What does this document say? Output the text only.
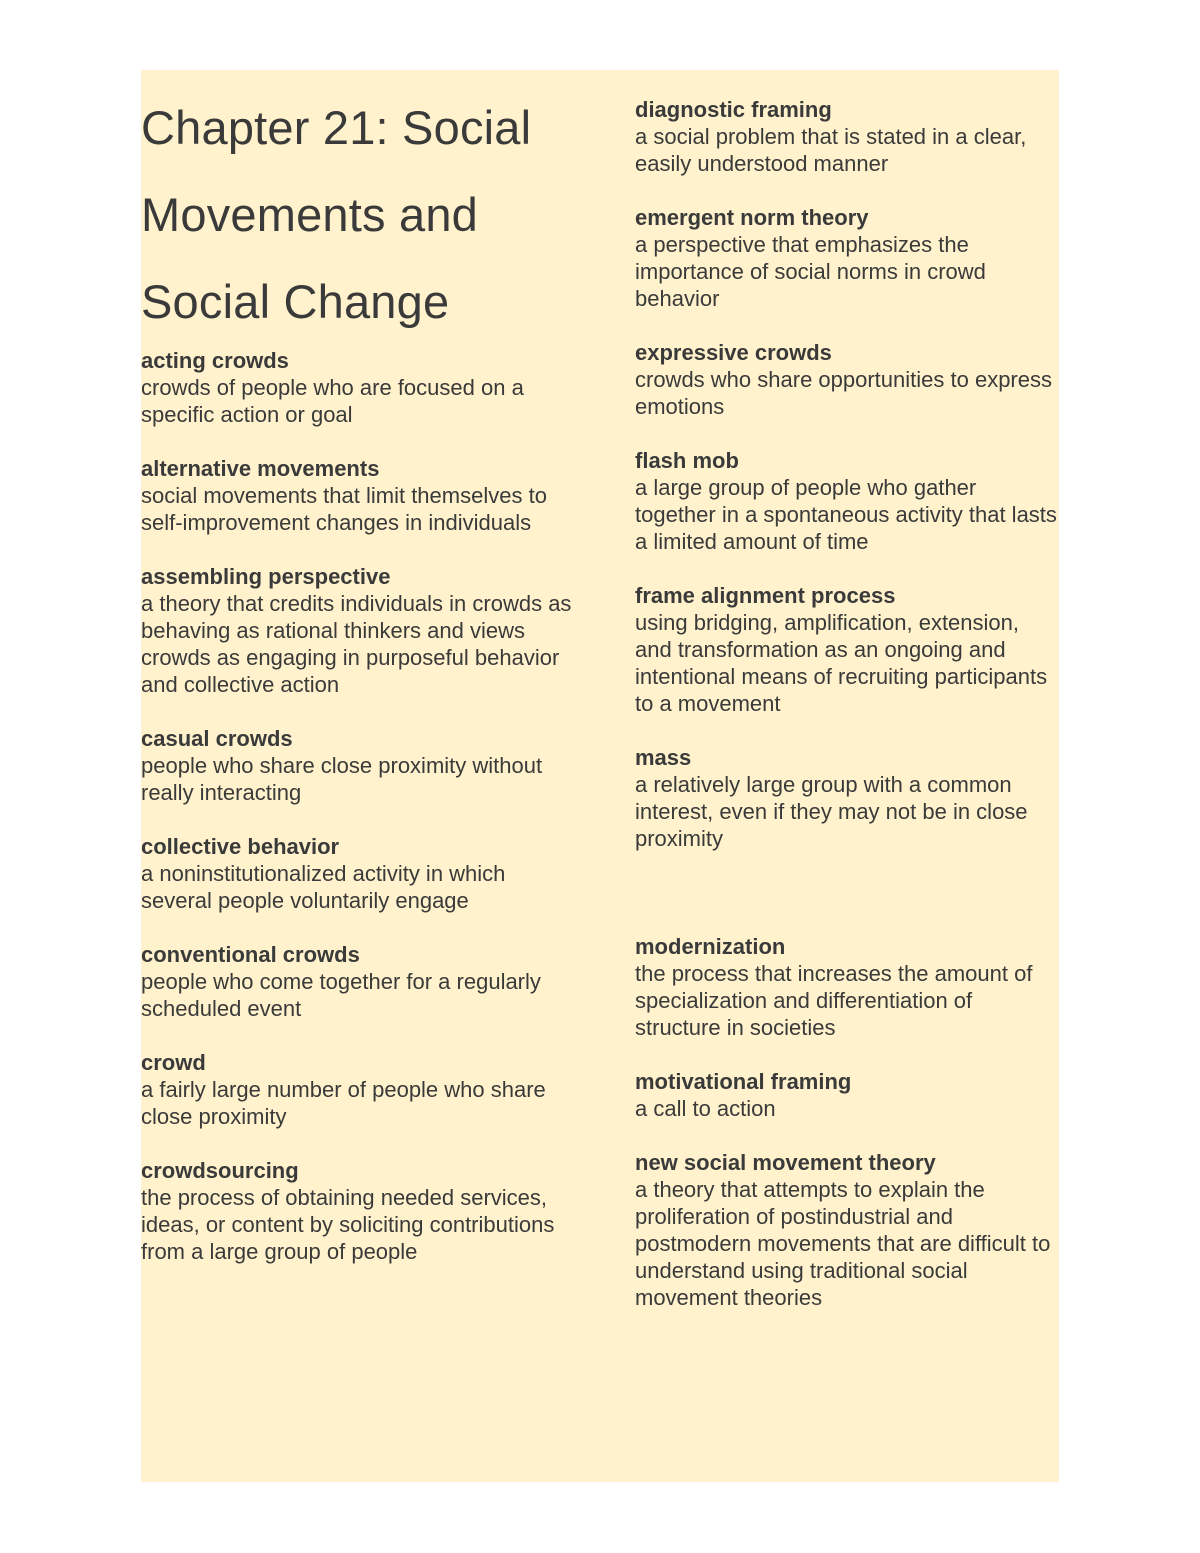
Chapter 21: Social Movements and Social Change
acting crowds
crowds of people who are focused on a specific action or goal
alternative movements
social movements that limit themselves to self-improvement changes in individuals
assembling perspective
a theory that credits individuals in crowds as behaving as rational thinkers and views crowds as engaging in purposeful behavior and collective action
casual crowds
people who share close proximity without really interacting
collective behavior
a noninstitutionalized activity in which several people voluntarily engage
conventional crowds
people who come together for a regularly scheduled event
crowd
a fairly large number of people who share close proximity
crowdsourcing
the process of obtaining needed services, ideas, or content by soliciting contributions from a large group of people
diagnostic framing
a social problem that is stated in a clear, easily understood manner
emergent norm theory
a perspective that emphasizes the importance of social norms in crowd behavior
expressive crowds
crowds who share opportunities to express emotions
flash mob
a large group of people who gather together in a spontaneous activity that lasts a limited amount of time
frame alignment process
using bridging, amplification, extension, and transformation as an ongoing and intentional means of recruiting participants to a movement
mass
a relatively large group with a common interest, even if they may not be in close proximity
modernization
the process that increases the amount of specialization and differentiation of structure in societies
motivational framing
a call to action
new social movement theory
a theory that attempts to explain the proliferation of postindustrial and postmodern movements that are difficult to understand using traditional social movement theories
